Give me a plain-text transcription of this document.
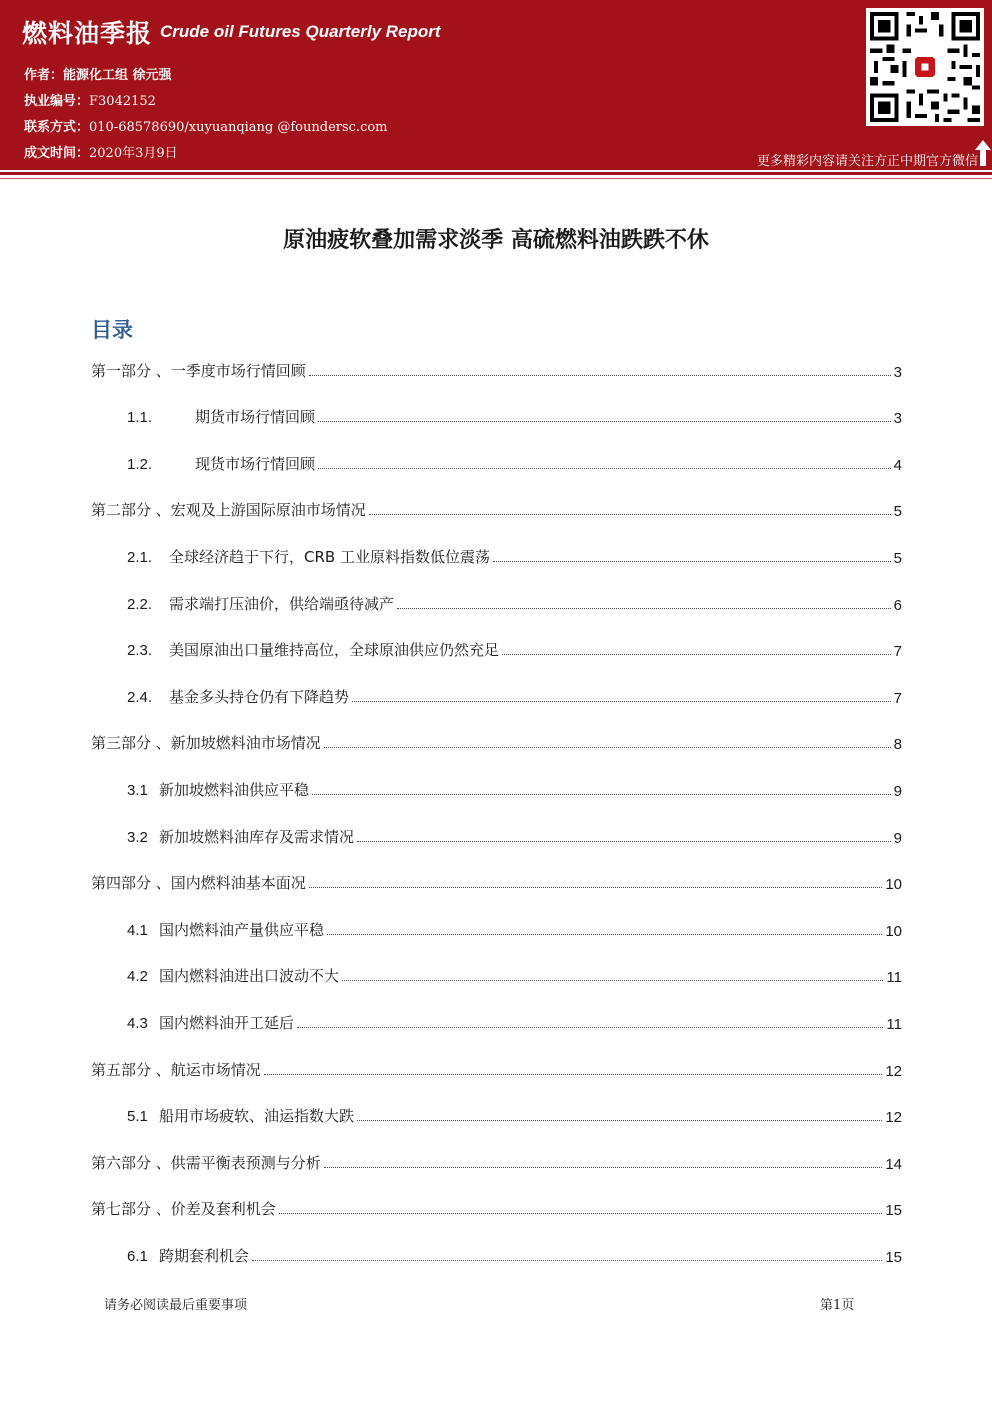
燃料油季报 Crude oil Futures Quarterly Report
作者：能源化工组 徐元强
执业编号：F3042152
联系方式：010-68578690/xuyuanqiang @foundersc.com
成文时间：2020年3月9日
更多精彩内容请关注方正中期官方微信
原油疲软叠加需求淡季 高硫燃料油跌跌不休
目录
第一部分 、一季度市场行情回顾	3
1.1.	期货市场行情回顾	3
1.2.	现货市场行情回顾	4
第二部分 、宏观及上游国际原油市场情况	5
2.1. 全球经济趋于下行，CRB 工业原料指数低位震荡	5
2.2. 需求端打压油价，供给端亟待减产	6
2.3. 美国原油出口量维持高位，全球原油供应仍然充足	7
2.4. 基金多头持仓仍有下降趋势	7
第三部分 、新加坡燃料油市场情况	8
3.1 新加坡燃料油供应平稳	9
3.2 新加坡燃料油库存及需求情况	9
第四部分 、国内燃料油基本面况	10
4.1 国内燃料油产量供应平稳	10
4.2 国内燃料油进出口波动不大	11
4.3 国内燃料油开工延后	11
第五部分 、航运市场情况	12
5.1 船用市场疲软、油运指数大跌	12
第六部分 、供需平衡表预测与分析	14
第七部分 、价差及套利机会	15
6.1 跨期套利机会	15
请务必阅读最后重要事项	第1页
